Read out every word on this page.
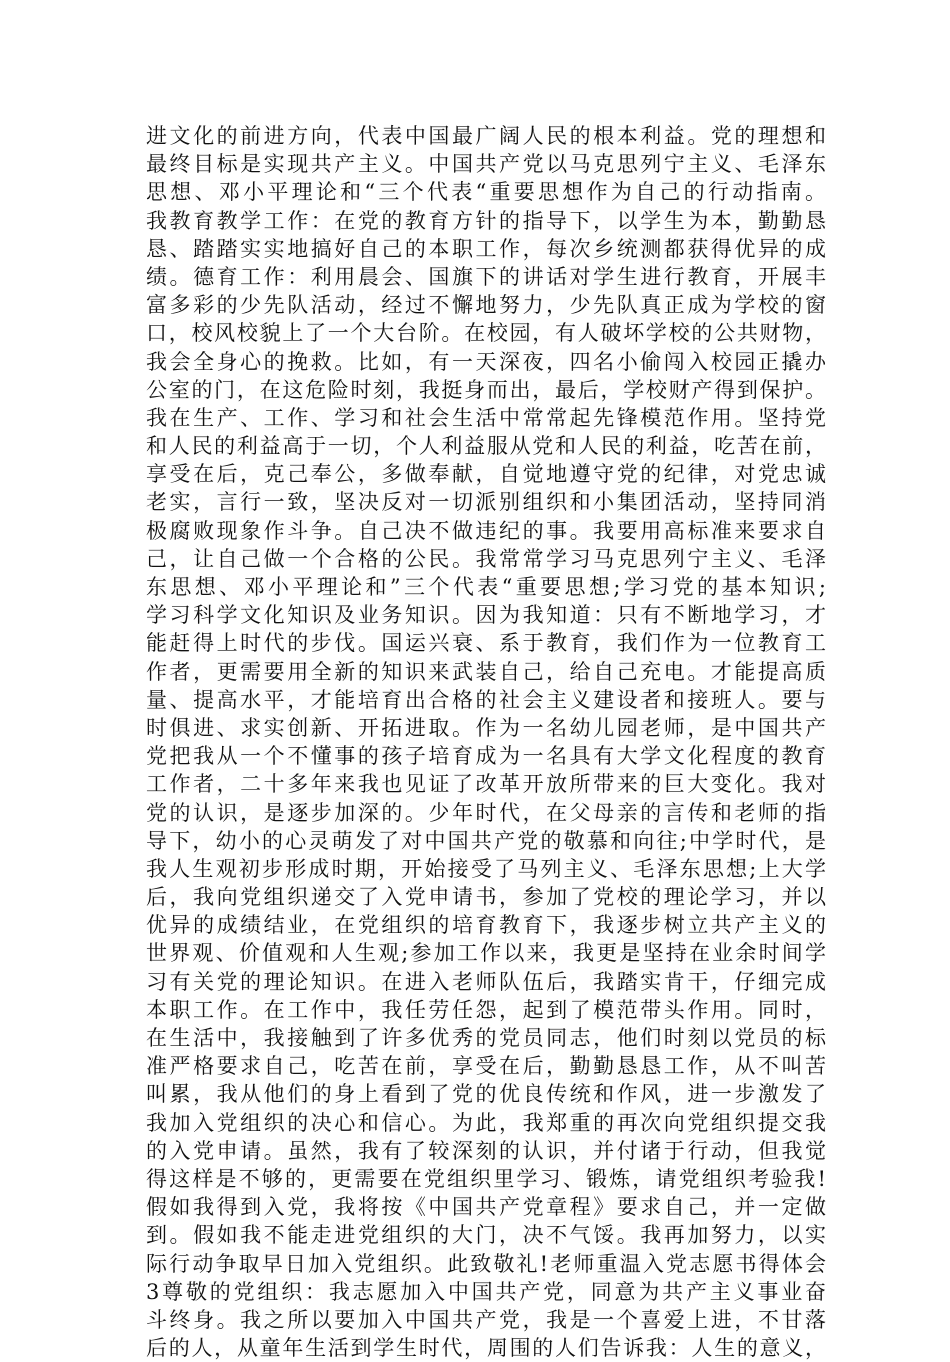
进文化的前进方向，代表中国最广阔人民的根本利益。党的理想和
最终目标是实现共产主义。中国共产党以马克思列宁主义、毛泽东
思想、邓小平理论和“三个代表“重要思想作为自己的行动指南。
我教育教学工作：在党的教育方针的指导下，以学生为本，勤勤恳
恳、踏踏实实地搞好自己的本职工作，每次乡统测都获得优异的成
绩。德育工作：利用晨会、国旗下的讲话对学生进行教育，开展丰
富多彩的少先队活动，经过不懈地努力，少先队真正成为学校的窗
口，校风校貌上了一个大台阶。在校园，有人破坏学校的公共财物，
我会全身心的挽救。比如，有一天深夜，四名小偷闯入校园正撬办
公室的门，在这危险时刻，我挺身而出，最后，学校财产得到保护。
我在生产、工作、学习和社会生活中常常起先锋模范作用。坚持党
和人民的利益高于一切，个人利益服从党和人民的利益，吃苦在前，
享受在后，克己奉公，多做奉献，自觉地遵守党的纪律，对党忠诚
老实，言行一致，坚决反对一切派别组织和小集团活动，坚持同消
极腐败现象作斗争。自己决不做违纪的事。我要用高标准来要求自
己，让自己做一个合格的公民。我常常学习马克思列宁主义、毛泽
东思想、邓小平理论和”三个代表“重要思想;学习党的基本知识;
学习科学文化知识及业务知识。因为我知道：只有不断地学习，才
能赶得上时代的步伐。国运兴衰、系于教育，我们作为一位教育工
作者，更需要用全新的知识来武装自己，给自己充电。才能提高质
量、提高水平，才能培育出合格的社会主义建设者和接班人。要与
时俱进、求实创新、开拓进取。作为一名幼儿园老师，是中国共产
党把我从一个不懂事的孩子培育成为一名具有大学文化程度的教育
工作者，二十多年来我也见证了改革开放所带来的巨大变化。我对
党的认识，是逐步加深的。少年时代，在父母亲的言传和老师的指
导下，幼小的心灵萌发了对中国共产党的敬慕和向往;中学时代，是
我人生观初步形成时期，开始接受了马列主义、毛泽东思想;上大学
后，我向党组织递交了入党申请书，参加了党校的理论学习，并以
优异的成绩结业，在党组织的培育教育下，我逐步树立共产主义的
世界观、价值观和人生观;参加工作以来，我更是坚持在业余时间学
习有关党的理论知识。在进入老师队伍后，我踏实肯干，仔细完成
本职工作。在工作中，我任劳任怨，起到了模范带头作用。同时，
在生活中，我接触到了许多优秀的党员同志，他们时刻以党员的标
准严格要求自己，吃苦在前，享受在后，勤勤恳恳工作，从不叫苦
叫累，我从他们的身上看到了党的优良传统和作风，进一步激发了
我加入党组织的决心和信心。为此，我郑重的再次向党组织提交我
的入党申请。虽然，我有了较深刻的认识，并付诸于行动，但我觉
得这样是不够的，更需要在党组织里学习、锻炼，请党组织考验我!
假如我得到入党，我将按《中国共产党章程》要求自己，并一定做
到。假如我不能走进党组织的大门，决不气馁。我再加努力，以实
际行动争取早日加入党组织。此致敬礼!老师重温入党志愿书得体会
3尊敬的党组织：我志愿加入中国共产党，同意为共产主义事业奋
斗终身。我之所以要加入中国共产党，我是一个喜爱上进，不甘落
后的人，从童年生活到学生时代，周围的人们告诉我：人生的意义，
